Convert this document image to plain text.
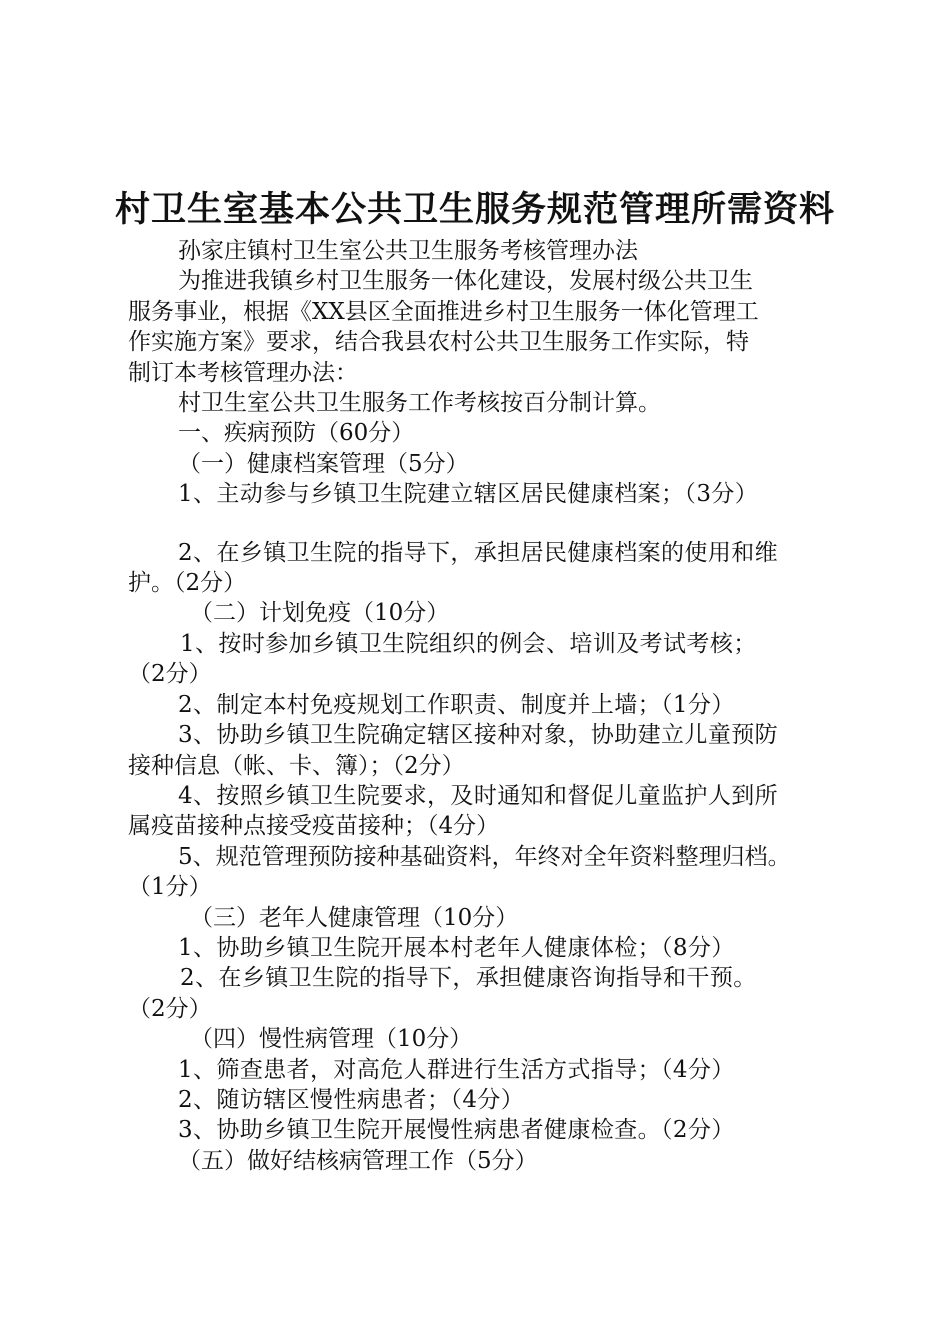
村卫生室基本公共卫生服务规范管理所需资料

孙家庄镇村卫生室公共卫生服务考核管理办法

为推进我镇乡村卫生服务一体化建设，发展村级公共卫生

服务事业，根据《XX县区全面推进乡村卫生服务一体化管理工

作实施方案》要求，结合我县农村公共卫生服务工作实际，特

制订本考核管理办法：

村卫生室公共卫生服务工作考核按百分制计算。

一、疾病预防（60分）

（一）健康档案管理（5分）

1、主动参与乡镇卫生院建立辖区居民健康档案；（3分）

2、在乡镇卫生院的指导下，承担居民健康档案的使用和维

护。（2分）

（二）计划免疫（10分）

1、按时参加乡镇卫生院组织的例会、培训及考试考核；

（2分）

2、制定本村免疫规划工作职责、制度并上墙；（1分）

3、协助乡镇卫生院确定辖区接种对象，协助建立儿童预防

接种信息（帐、卡、簿）；（2分）

4、按照乡镇卫生院要求，及时通知和督促儿童监护人到所

属疫苗接种点接受疫苗接种；（4分）

5、规范管理预防接种基础资料，年终对全年资料整理归档。

（1分）

（三）老年人健康管理（10分）

1、协助乡镇卫生院开展本村老年人健康体检；（8分）

2、在乡镇卫生院的指导下，承担健康咨询指导和干预。

（2分）

（四）慢性病管理（10分）

1、筛查患者，对高危人群进行生活方式指导；（4分）

2、随访辖区慢性病患者；（4分）

3、协助乡镇卫生院开展慢性病患者健康检查。（2分）

（五）做好结核病管理工作（5分）
